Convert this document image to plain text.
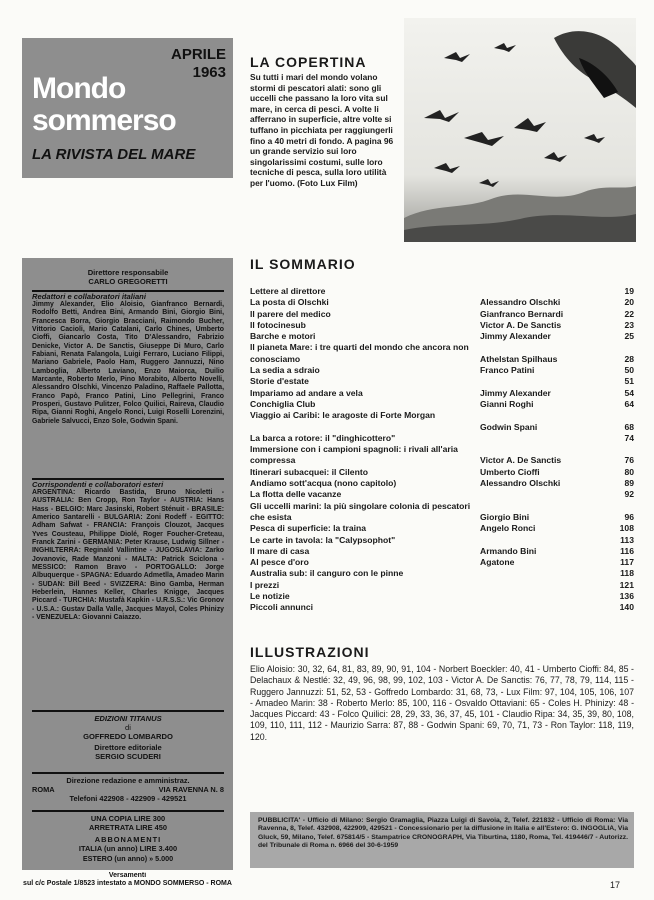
APRILE
1963
Mondo
sommerso
LA RIVISTA DEL MARE
LA COPERTINA
Su tutti i mari del mondo volano stormi di pescatori alati: sono gli uccelli che passano la loro vita sul mare, in cerca di pesci. A volte li afferrano in superficie, altre volte si tuffano in picchiata per raggiungerli fino a 40 metri di fondo. A pagina 96 un grande servizio sui loro singolarissimi costumi, sulle loro tecniche di pesca, sulla loro utilità per l'uomo. (Foto Lux Film)
Direttore responsabile
CARLO GREGORETTI
Redattori e collaboratori italiani

Jimmy Alexander, Elio Aloisio, Gianfranco Bernardi, Rodolfo Betti, Andrea Bini, Armando Bini, Giorgio Bini, Francesca Borra, Giorgio Bracciani, Raimondo Bucher, Vittorio Cacioli, Mario Catalani, Carlo Chines, Umberto Cioffi, Giancarlo Costa, Tito D'Alessandro, Fabrizio Denicke, Victor A. De Sanctis, Giuseppe Di Muro, Carlo Fabiani, Renata Falangola, Luigi Ferraro, Luciano Filippi, Mariano Gabriele, Paolo Ham, Ruggero Jannuzzi, Nino Lamboglia, Alberto Laviano, Enzo Maiorca, Duilio Marcante, Roberto Merlo, Pino Morabito, Alberto Novelli, Alessandro Olschki, Vincenzo Paladino, Raffaele Pallotta, Franco Papò, Franco Patini, Lino Pellegrini, Franco Prosperi, Gustavo Pulitzer, Folco Quilici, Raireva, Claudio Ripa, Gianni Roghi, Angelo Ronci, Luigi Roselli Lorenzini, Gabriele Salvucci, Enzo Sole, Godwin Spani.

Corrispondenti e collaboratori esteri

ARGENTINA: Ricardo Bastida, Bruno Nicoletti - AUSTRALIA: Ben Cropp, Ron Taylor - AUSTRIA: Hans Hass - BELGIO: Marc Jasinski, Robert Sténuit - BRASILE: Americo Santarelli - BULGARIA: Zoni Rodeff - EGITTO: Adham Safwat - FRANCIA: François Clouzot, Jacques Yves Cousteau, Philippe Diolé, Roger Foucher-Creteau, Franck Zarini - GERMANIA: Peter Krause, Ludwig Sillner - INGHILTERRA: Reginald Vallintine - JUGOSLAVIA: Zarko Jovanovic, Rade Manzoni - MALTA: Patrick Sciclona - MESSICO: Ramon Bravo - PORTOGALLO: Jorge Albuquerque - SPAGNA: Eduardo Admetlla, Amadeo Marin - SUDAN: Bill Beed - SVIZZERA: Bino Gamba, Herman Heberlein, Hannes Keller, Charles Knigge, Jacques Piccard - TURCHIA: Mustafà Kapkin - U.R.S.S.: Vic Gronov - U.S.A.: Gustav Dalla Valle, Jacques Mayol, Coles Phinizy - VENEZUELA: Giovanni Caiazzo.

EDIZIONI TITANUS
di
GOFFREDO LOMBARDO
Direttore editoriale
SERGIO SCUDERI
Direzione redazione e amministraz.
ROMA	VIA RAVENNA N. 8
Telefoni 422908 - 422909 - 429521
UNA COPIA LIRE 300
ARRETRATA LIRE 450
ABBONAMENTI
ITALIA (un anno) LIRE 3.400
ESTERO (un anno) » 5.000
Versamenti
sul c/c Postale 1/8523 intestato a MONDO SOMMERSO - ROMA
IL SOMMARIO
Lettere al direttore	19
La posta di Olschki	Alessandro Olschki	20
Il parere del medico	Gianfranco Bernardi	22
Il fotocinesub	Victor A. De Sanctis	23
Barche e motori	Jimmy Alexander	25
Il pianeta Mare: i tre quarti del mondo che ancora non conosciamo	Athelstan Spilhaus	28
La sedia a sdraio	Franco Patini	50
Storie d'estate	51
Impariamo ad andare a vela	Jimmy Alexander	54
Conchiglia Club	Gianni Roghi	64
Viaggio ai Caribi: le aragoste di Forte Morgan
Godwin Spani	68
La barca a rotore: il "dinghicottero"	74
Immersione con i campioni spagnoli: i rivali all'aria compressa	Victor A. De Sanctis	76
Itinerari subacquei: il Cilento	Umberto Cioffi	80
Andiamo sott'acqua (nono capitolo)	Alessandro Olschki	89
La flotta delle vacanze	92
Gli uccelli marini: la più singolare colonia di pescatori che esista	Giorgio Bini	96
Pesca di superficie: la traina	Angelo Ronci	108
Le carte in tavola: la "Calypsophot"	113
Il mare di casa	Armando Bini	116
Al pesce d'oro	Agatone	117
Australia sub: il canguro con le pinne	118
I prezzi	121
Le notizie	136
Piccoli annunci	140
ILLUSTRAZIONI
Elio Aloisio: 30, 32, 64, 81, 83, 89, 90, 91, 104 - Norbert Boeckler: 40, 41 - Umberto Cioffi: 84, 85 - Delachaux & Nestlé: 32, 49, 96, 98, 99, 102, 103 - Victor A. De Sanctis: 76, 77, 78, 79, 114, 115 - Ruggero Jannuzzi: 51, 52, 53 - Goffredo Lombardo: 31, 68, 73, - Lux Film: 97, 104, 105, 106, 107 - Amadeo Marin: 38 - Roberto Merlo: 85, 100, 116 - Osvaldo Ottaviani: 65 - Coles H. Phinizy: 48 - Jacques Piccard: 43 - Folco Quilici: 28, 29, 33, 36, 37, 45, 101 - Claudio Ripa: 34, 35, 39, 80, 108, 109, 110, 111, 112 - Maurizio Sarra: 87, 88 - Godwin Spani: 69, 70, 71, 73 - Ron Taylor: 118, 119, 120.
PUBBLICITA' - Ufficio di Milano: Sergio Gramaglia, Piazza Luigi di Savoia, 2, Telef. 221832 - Ufficio di Roma: Via Ravenna, 8, Telef. 432908, 422909, 429521 - Concessionario per la diffusione in Italia e all'Estero: G. INGOGLIA, Via Gluck, 59, Milano, Telef. 675814/5 - Stampatrice CRONOGRAPH, Via Tiburtina, 1180, Roma, Tel. 419446/7 - Autorizz. del Tribunale di Roma n. 6966 del 30-6-1959
17
